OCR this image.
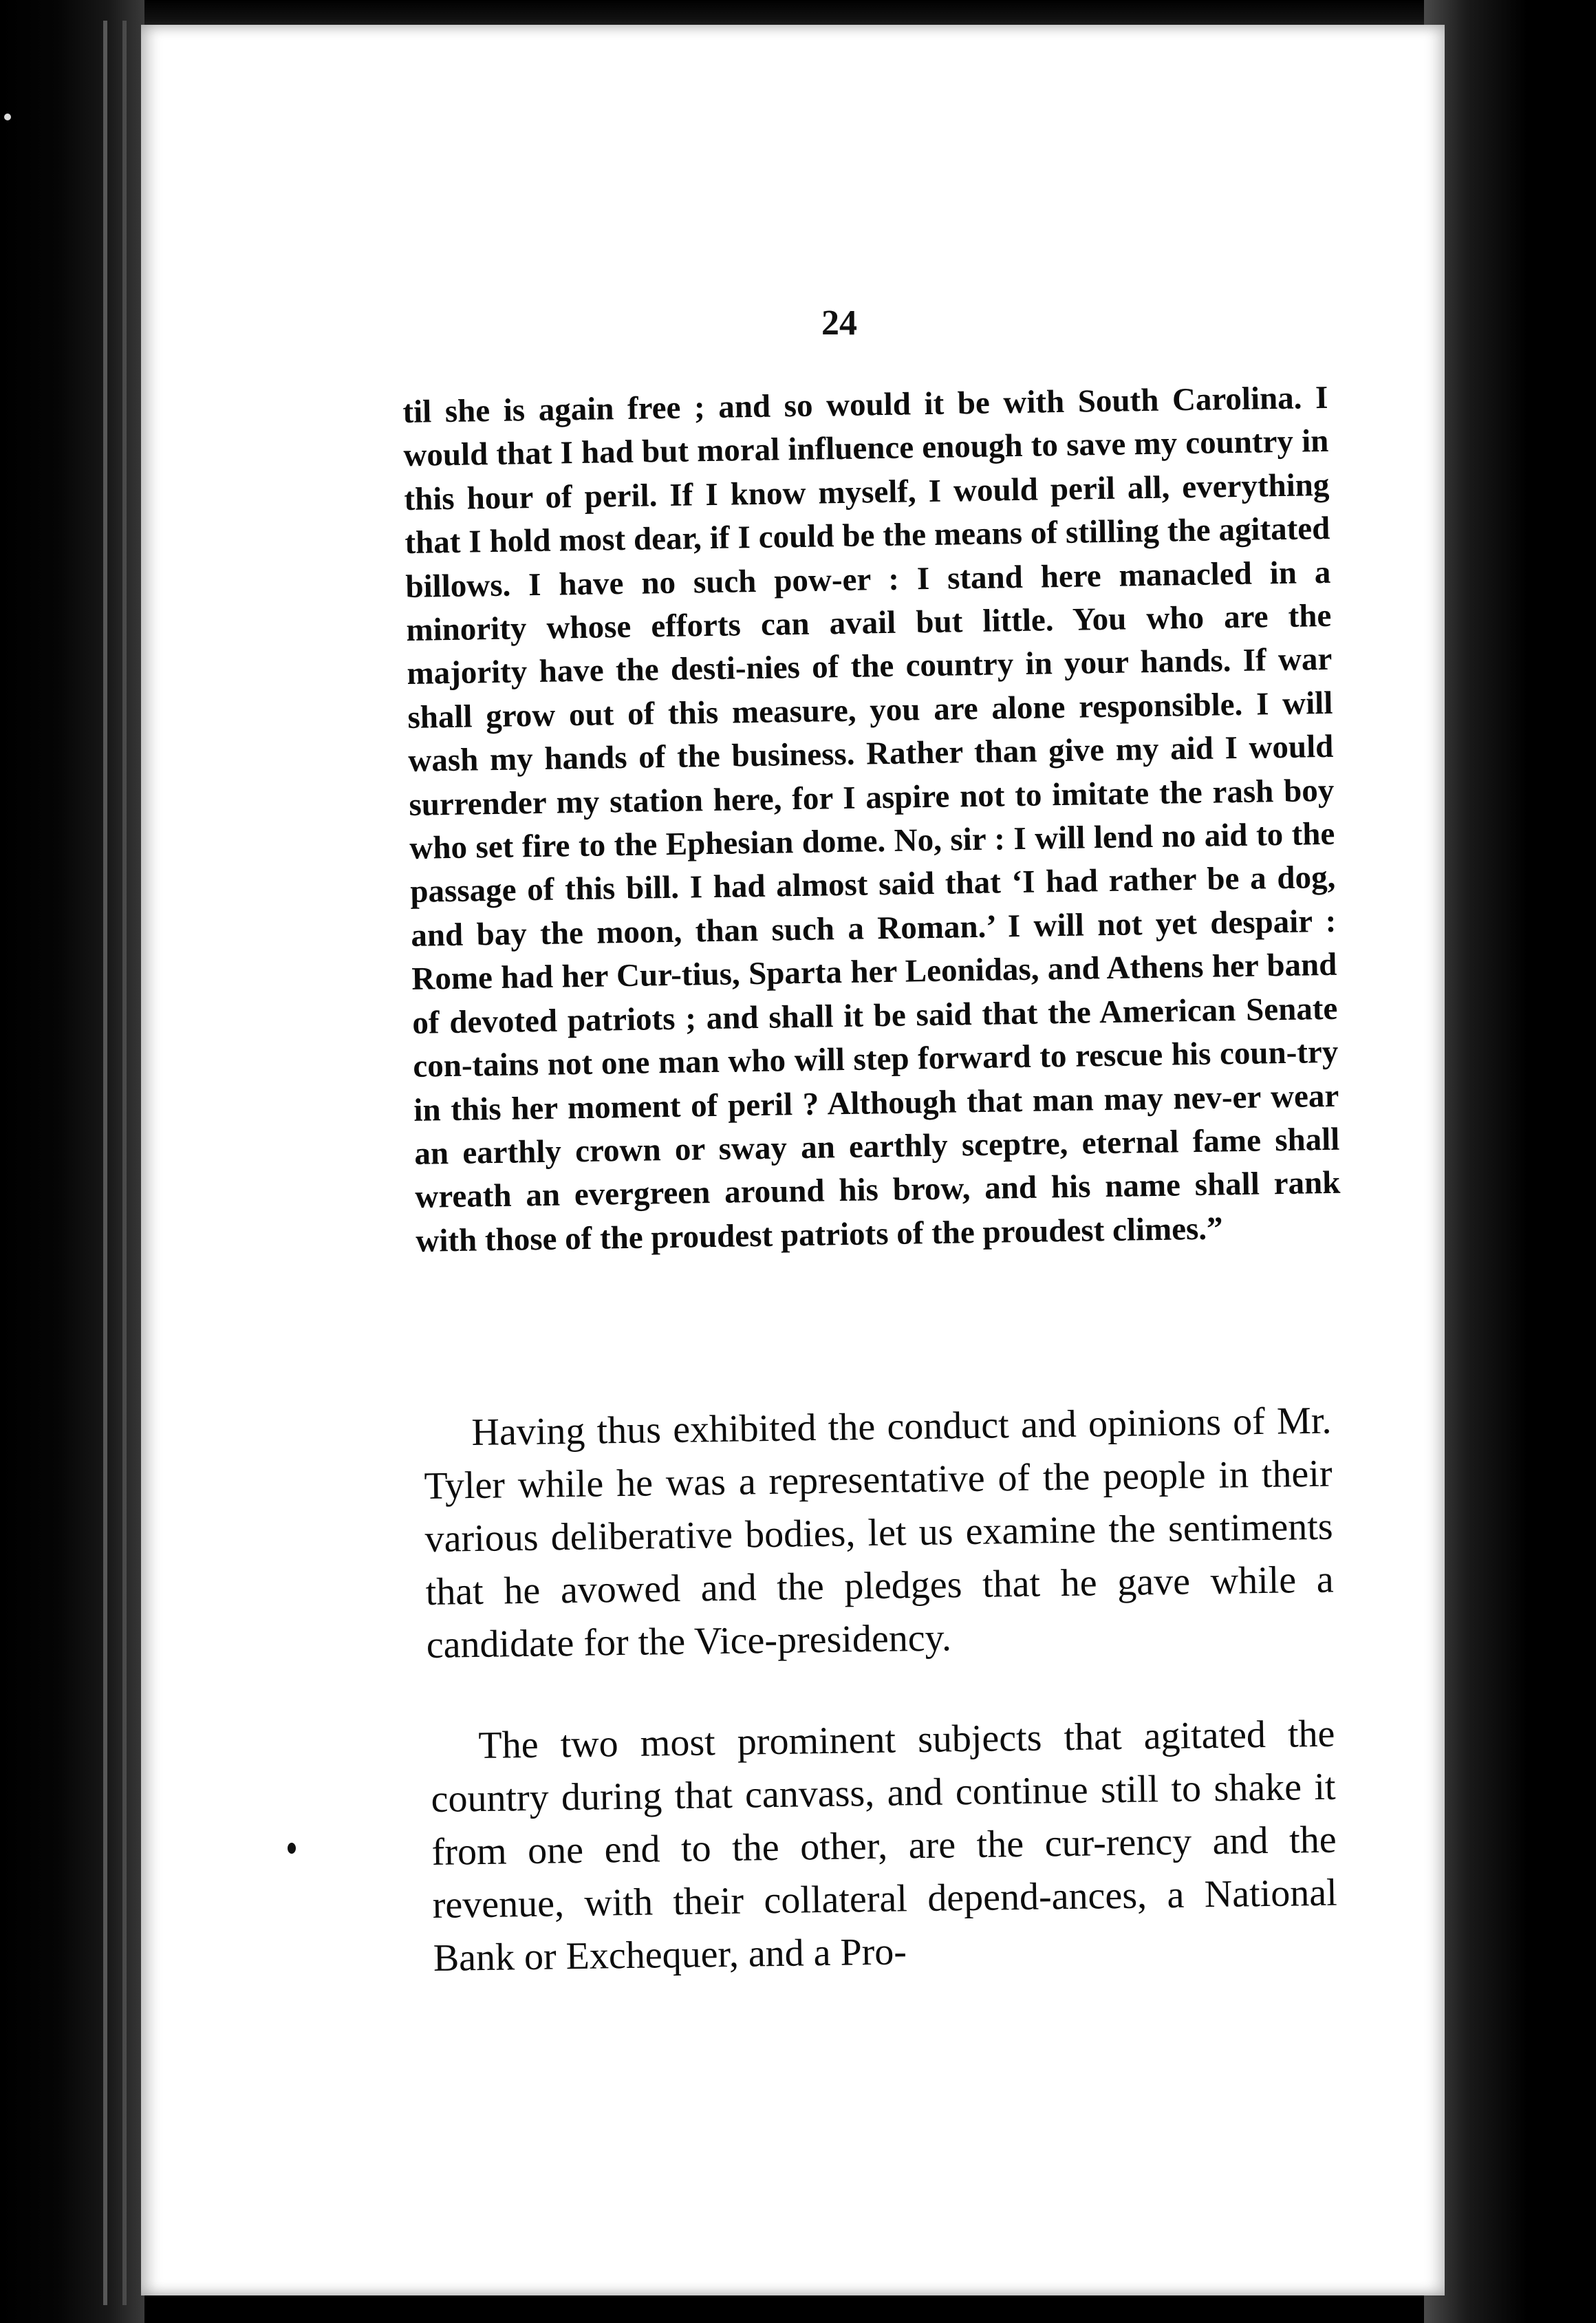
24

til she is again free ; and so would it be with South Carolina. I would that I had but moral influence enough to save my country in this hour of peril. If I know myself, I would peril all, everything that I hold most dear, if I could be the means of stilling the agitated billows. I have no such pow-er : I stand here manacled in a minority whose efforts can avail but little. You who are the majority have the desti-nies of the country in your hands. If war shall grow out of this measure, you are alone responsible. I will wash my hands of the business. Rather than give my aid I would surrender my station here, for I aspire not to imitate the rash boy who set fire to the Ephesian dome. No, sir : I will lend no aid to the passage of this bill. I had almost said that ‘I had rather be a dog, and bay the moon, than such a Roman.’ I will not yet despair : Rome had her Cur-tius, Sparta her Leonidas, and Athens her band of devoted patriots ; and shall it be said that the American Senate con-tains not one man who will step forward to rescue his coun-try in this her moment of peril ? Although that man may nev-er wear an earthly crown or sway an earthly sceptre, eternal fame shall wreath an evergreen around his brow, and his name shall rank with those of the proudest patriots of the proudest climes.”

Having thus exhibited the conduct and opinions of Mr. Tyler while he was a representative of the people in their various deliberative bodies, let us examine the sentiments that he avowed and the pledges that he gave while a candidate for the Vice-presidency.

The two most prominent subjects that agitated the country during that canvass, and continue still to shake it from one end to the other, are the cur-rency and the revenue, with their collateral depend-ances, a National Bank or Exchequer, and a Pro-
